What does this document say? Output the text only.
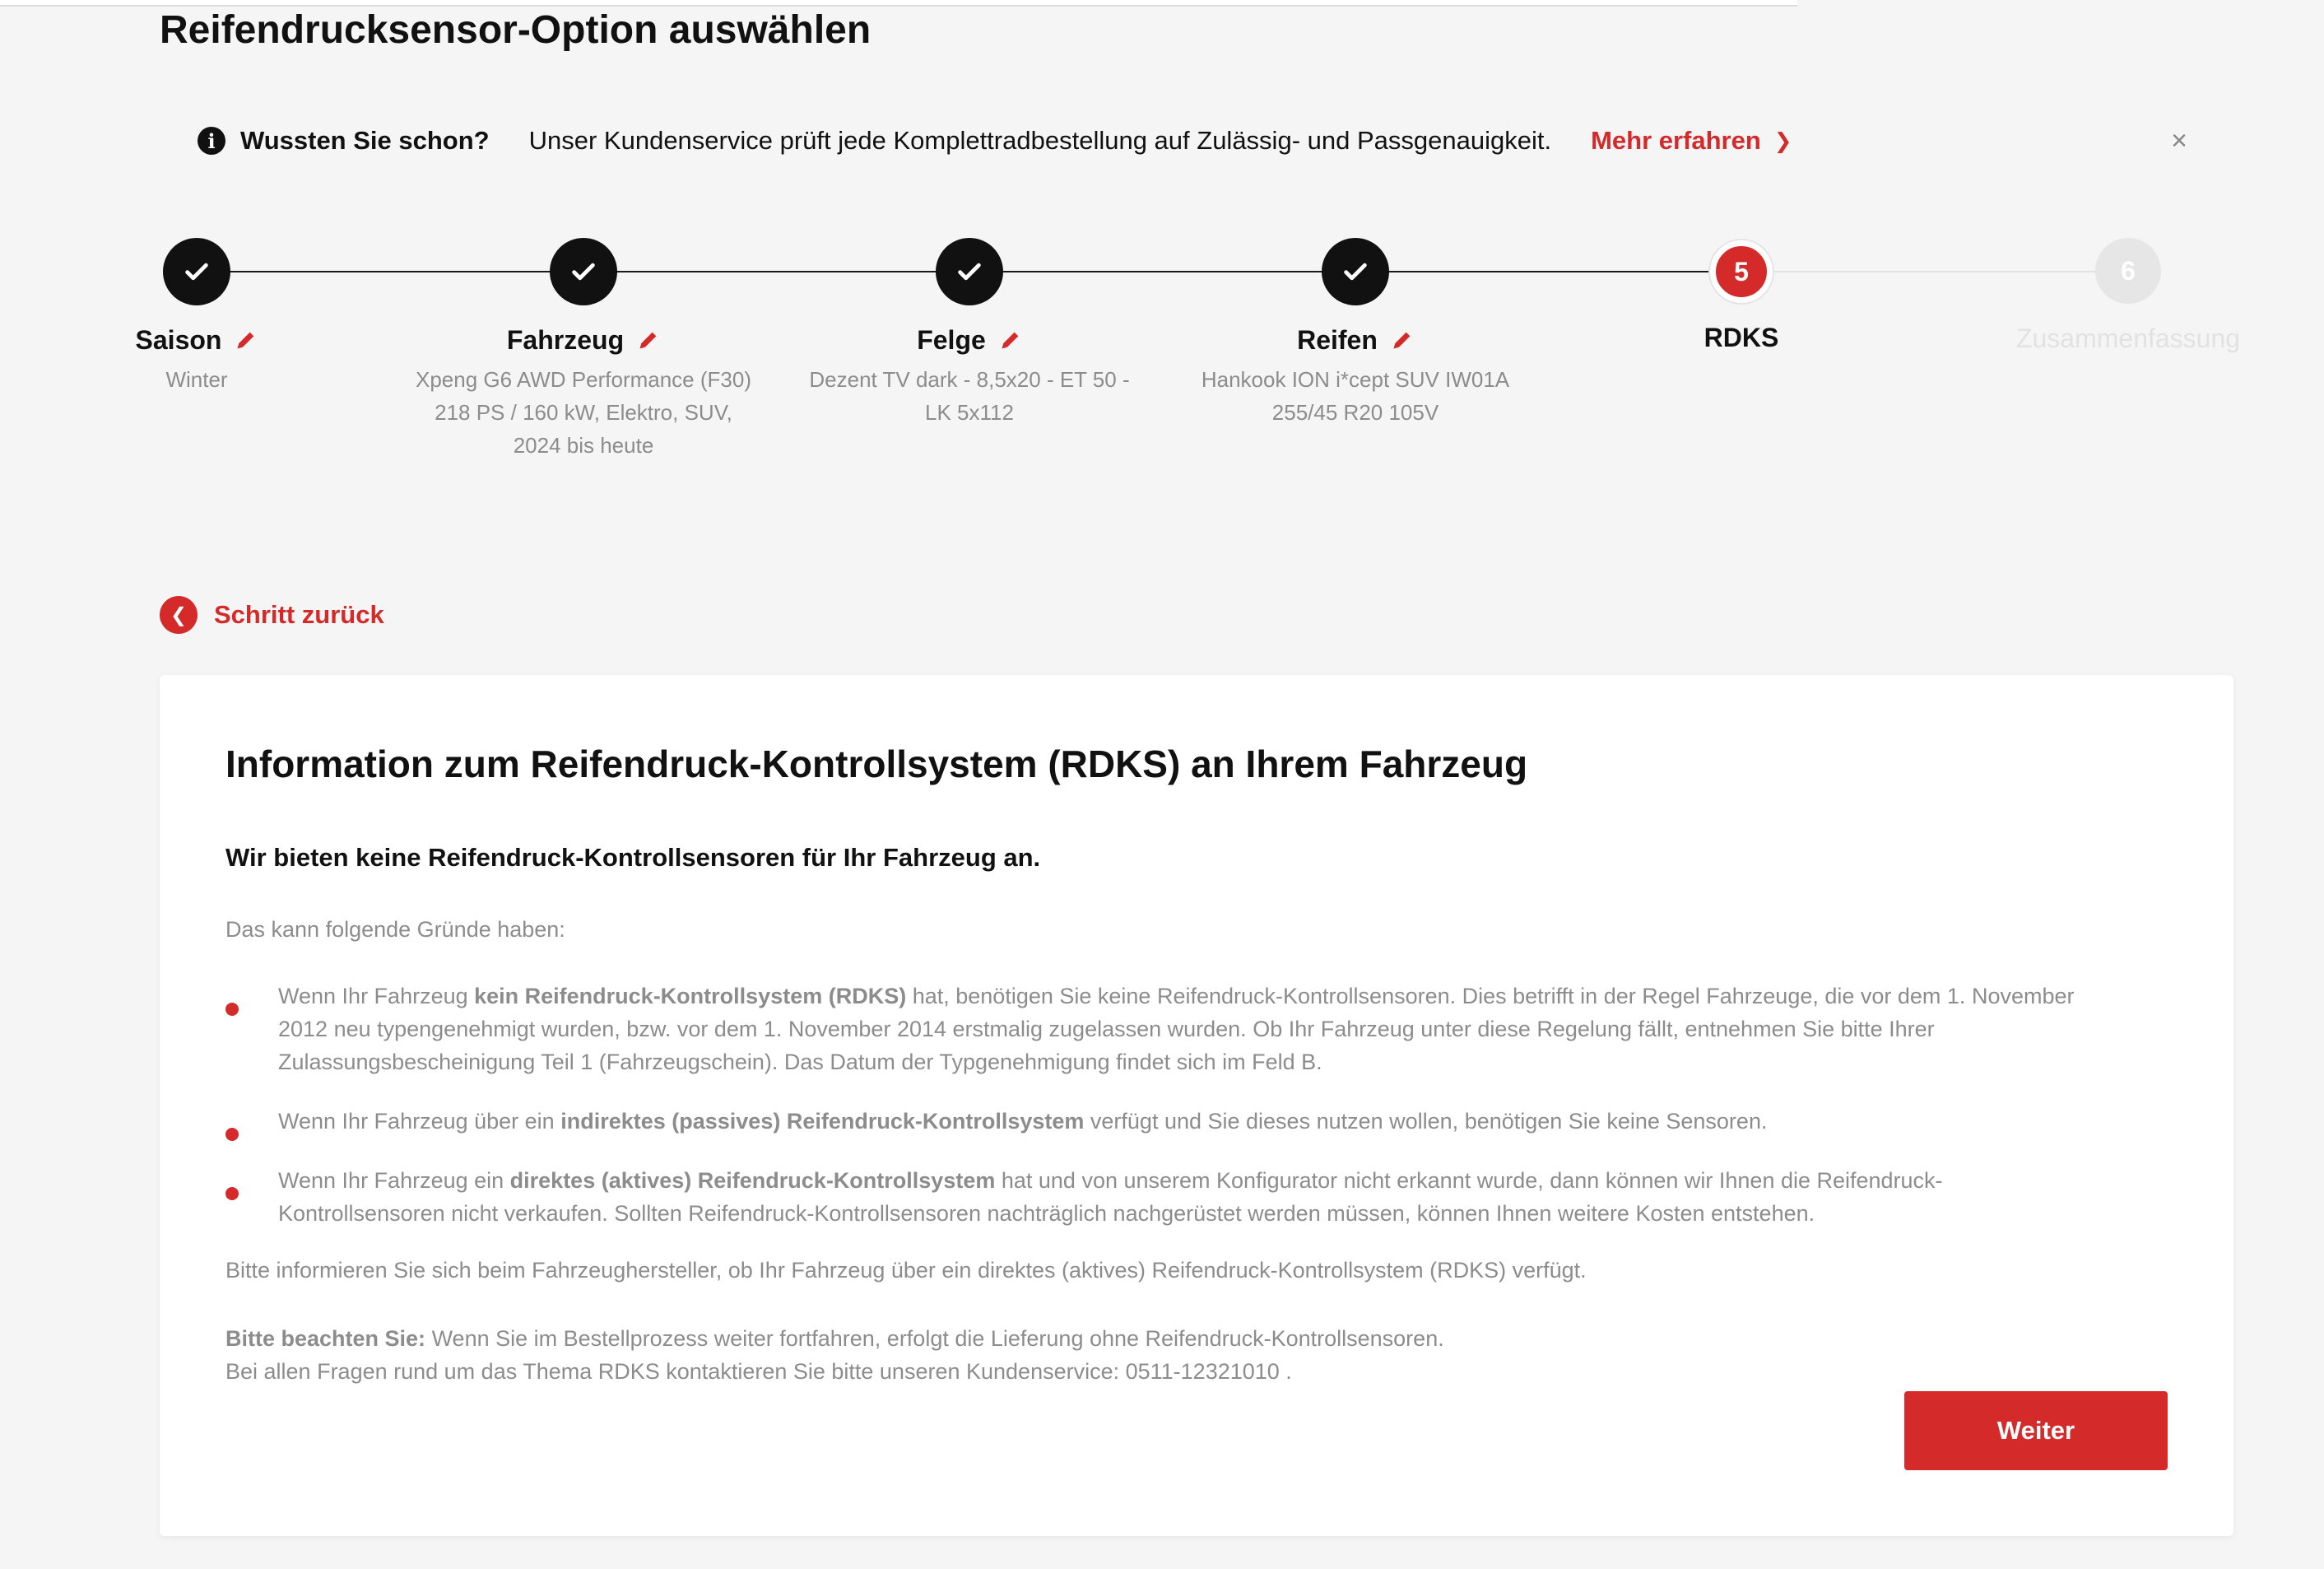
Reifendrucksensor-Option auswählen
i Wussten Sie schon? Unser Kundenservice prüft jede Komplettradbestellung auf Zulässig- und Passgenauigkeit. Mehr erfahren ❯	×
Saison
Winter
Fahrzeug
Xpeng G6 AWD Performance (F30)
218 PS / 160 kW, Elektro, SUV,
2024 bis heute
Felge
Dezent TV dark - 8,5x20 - ET 50 -
LK 5x112
Reifen
Hankook ION i*cept SUV IW01A
255/45 R20 105V
5
RDKS
6
Zusammenfassung
❮	Schritt zurück
Information zum Reifendruck-Kontrollsystem (RDKS) an Ihrem Fahrzeug
Wir bieten keine Reifendruck-Kontrollsensoren für Ihr Fahrzeug an.
Das kann folgende Gründe haben:
Wenn Ihr Fahrzeug kein Reifendruck-Kontrollsystem (RDKS) hat, benötigen Sie keine Reifendruck-Kontrollsensoren. Dies betrifft in der Regel Fahrzeuge, die vor dem 1. November 2012 neu typengenehmigt wurden, bzw. vor dem 1. November 2014 erstmalig zugelassen wurden. Ob Ihr Fahrzeug unter diese Regelung fällt, entnehmen Sie bitte Ihrer Zulassungsbescheinigung Teil 1 (Fahrzeugschein). Das Datum der Typgenehmigung findet sich im Feld B.
Wenn Ihr Fahrzeug über ein indirektes (passives) Reifendruck-Kontrollsystem verfügt und Sie dieses nutzen wollen, benötigen Sie keine Sensoren.
Wenn Ihr Fahrzeug ein direktes (aktives) Reifendruck-Kontrollsystem hat und von unserem Konfigurator nicht erkannt wurde, dann können wir Ihnen die Reifendruck-Kontrollsensoren nicht verkaufen. Sollten Reifendruck-Kontrollsensoren nachträglich nachgerüstet werden müssen, können Ihnen weitere Kosten entstehen.
Bitte informieren Sie sich beim Fahrzeughersteller, ob Ihr Fahrzeug über ein direktes (aktives) Reifendruck-Kontrollsystem (RDKS) verfügt.
Bitte beachten Sie: Wenn Sie im Bestellprozess weiter fortfahren, erfolgt die Lieferung ohne Reifendruck-Kontrollsensoren.
Bei allen Fragen rund um das Thema RDKS kontaktieren Sie bitte unseren Kundenservice: 0511-12321010 .
Weiter
